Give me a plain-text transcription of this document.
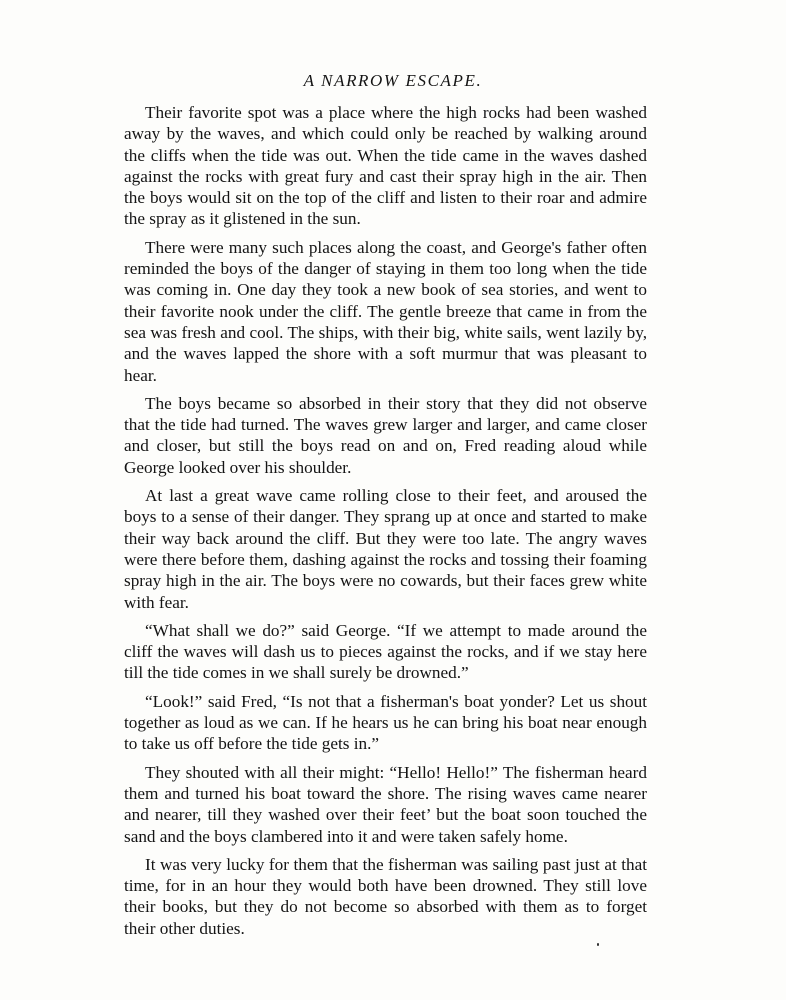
A NARROW ESCAPE.

Their favorite spot was a place where the high rocks had been washed away by the waves, and which could only be reached by walking around the cliffs when the tide was out. When the tide came in the waves dashed against the rocks with great fury and cast their spray high in the air. Then the boys would sit on the top of the cliff and listen to their roar and admire the spray as it glistened in the sun.

There were many such places along the coast, and George's father often reminded the boys of the danger of staying in them too long when the tide was coming in. One day they took a new book of sea stories, and went to their favorite nook under the cliff. The gentle breeze that came in from the sea was fresh and cool. The ships, with their big, white sails, went lazily by, and the waves lapped the shore with a soft murmur that was pleasant to hear.

The boys became so absorbed in their story that they did not observe that the tide had turned. The waves grew larger and larger, and came closer and closer, but still the boys read on and on, Fred reading aloud while George looked over his shoulder.

At last a great wave came rolling close to their feet, and aroused the boys to a sense of their danger. They sprang up at once and started to make their way back around the cliff. But they were too late. The angry waves were there before them, dashing against the rocks and tossing their foaming spray high in the air. The boys were no cowards, but their faces grew white with fear.

“What shall we do?” said George. “If we attempt to made around the cliff the waves will dash us to pieces against the rocks, and if we stay here till the tide comes in we shall surely be drowned.”

“Look!” said Fred, “Is not that a fisherman's boat yonder? Let us shout together as loud as we can. If he hears us he can bring his boat near enough to take us off before the tide gets in.”

They shouted with all their might: “Hello! Hello!” The fisherman heard them and turned his boat toward the shore. The rising waves came nearer and nearer, till they washed over their feet’ but the boat soon touched the sand and the boys clambered into it and were taken safely home.

It was very lucky for them that the fisherman was sailing past just at that time, for in an hour they would both have been drowned. They still love their books, but they do not become so absorbed with them as to forget their other duties.
